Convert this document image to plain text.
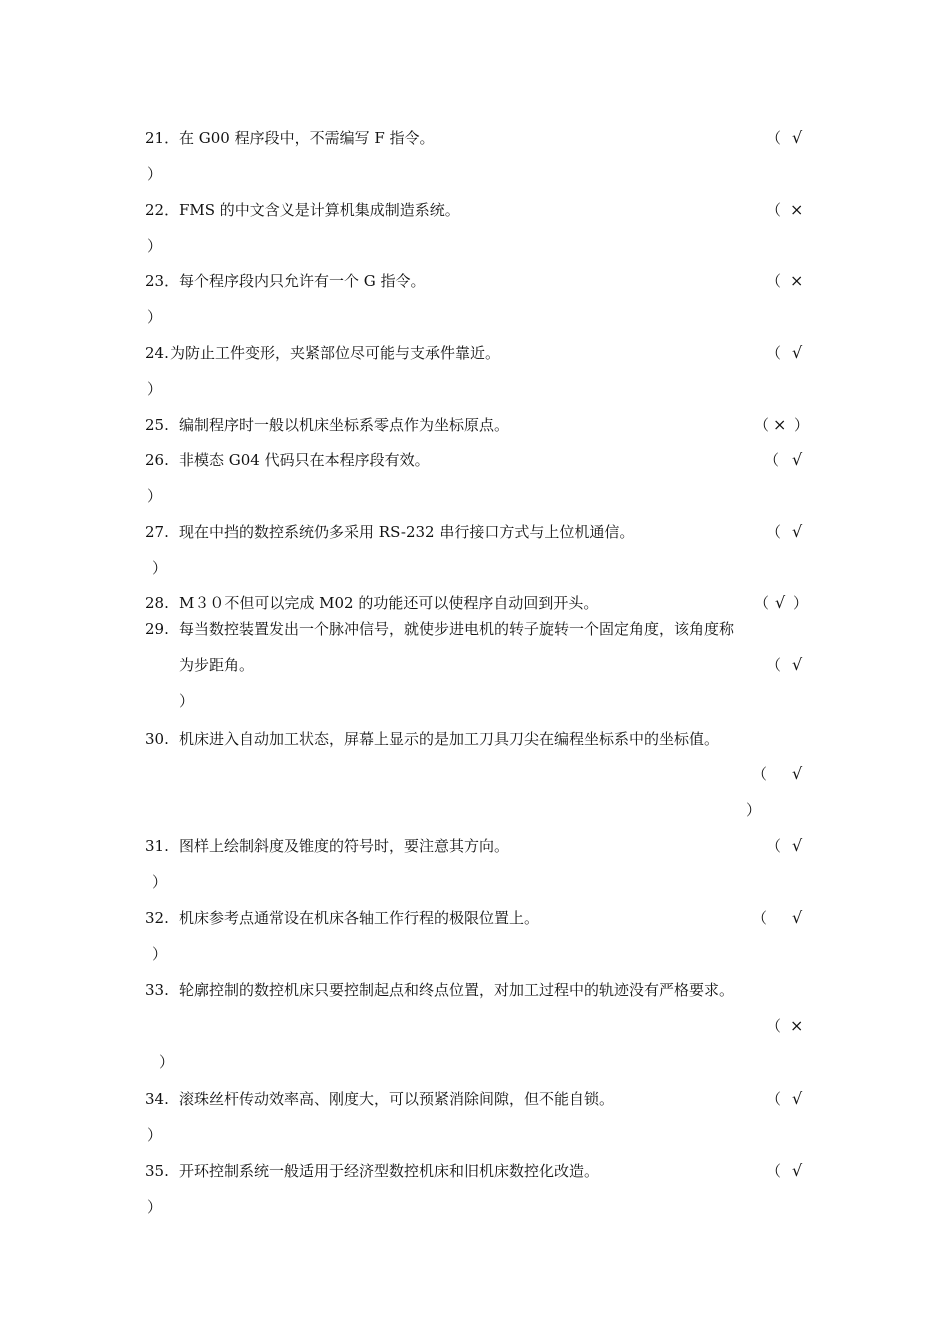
21． 在 G00 程序段中，不需编写 F 指令。	（ √
）
22． FMS 的中文含义是计算机集成制造系统。	（ ×
）
23． 每个程序段内只允许有一个 G 指令。	（ ×
）
24. 为防止工件变形，夹紧部位尽可能与支承件靠近。	（ √
）
25. 编制程序时一般以机床坐标系零点作为坐标原点。	（ × ）
26. 非模态 G04 代码只在本程序段有效。	（ √
）
27. 现在中挡的数控系统仍多采用 RS-232 串行接口方式与上位机通信。	（ √
）
28. M３０不但可以完成 M02 的功能还可以使程序自动回到开头。	（ √ ）
29. 每当数控装置发出一个脉冲信号，就使步进电机的转子旋转一个固定角度，该角度称
为步距角。	（ √
）
30. 机床进入自动加工状态，屏幕上显示的是加工刀具刀尖在编程坐标系中的坐标值。
（ √
）
31. 图样上绘制斜度及锥度的符号时，要注意其方向。	（ √
）
32. 机床参考点通常设在机床各轴工作行程的极限位置上。	（ √
）
33. 轮廓控制的数控机床只要控制起点和终点位置，对加工过程中的轨迹没有严格要求。
（ ×
）
34. 滚珠丝杆传动效率高、刚度大，可以预紧消除间隙，但不能自锁。	（ √
）
35. 开环控制系统一般适用于经济型数控机床和旧机床数控化改造。	（ √
）
